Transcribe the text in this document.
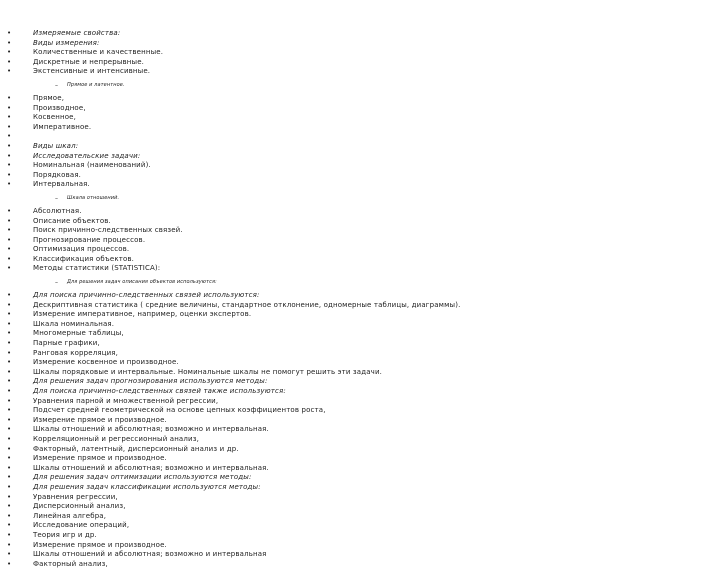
•	Измеряемые свойства:
•	Виды измерения:
•	Количественные и качественные.
•	Дискретные и непрерывные.
•	Экстенсивные и интенсивные.
– Прямое и латентное.
•	Прямое,
•	Производное,
•	Косвенное,
•	Императивное.
•
•	Виды шкал:
•	Исследовательские задачи:
•	Номинальная (наименований).
•	Порядковая.
•	Интервальная.
– Шкала отношений.
•	Абсолютная.
•	Описание объектов.
•	Поиск причинно-следственных связей.
•	Прогнозирование процессов.
•	Оптимизация процессов.
•	Классификация объектов.
•	Методы статистики (STATISTICA):
– Для решения задач описания объектов используются:
•	Для поиска причинно-следственных связей используются:
•	Дескриптивная статистика ( средние величины, стандартное отклонение, одномерные таблицы, диаграммы).
•	Измерение императивное, например, оценки экспертов.
•	Шкала номинальная.
•	Многомерные таблицы,
•	Парные графики,
•	Ранговая корреляция,
•	Измерение косвенное и производное.
•	Шкалы порядковые и интервальные. Номинальные шкалы не помогут решить эти задачи.
•	Для решения задач прогнозирования используются методы:
•	Для поиска причинно-следственных связей также используются:
•	Уравнения парной и множественной регрессии,
•	Подсчет средней геометрической на основе цепных коэффициентов роста,
•	Измерение прямое и производное.
•	Шкалы отношений и абсолютная; возможно и интервальная.
•	Корреляционный и регрессионный анализ,
•	Факторный, латентный, дисперсионный анализ и др.
•	Измерение прямое и производное.
•	Шкалы отношений и абсолютная; возможно и интервальная.
•	Для решения задач оптимизации используются методы:
•	Для решения задач классификации используются методы:
•	Уравнения регрессии,
•	Дисперсионный анализ,
•	Линейная алгебра,
•	Исследование операций,
•	Теория игр и др.
•	Измерение прямое и производное.
•	Шкалы отношений и абсолютная; возможно и интервальная
•	Факторный анализ,
